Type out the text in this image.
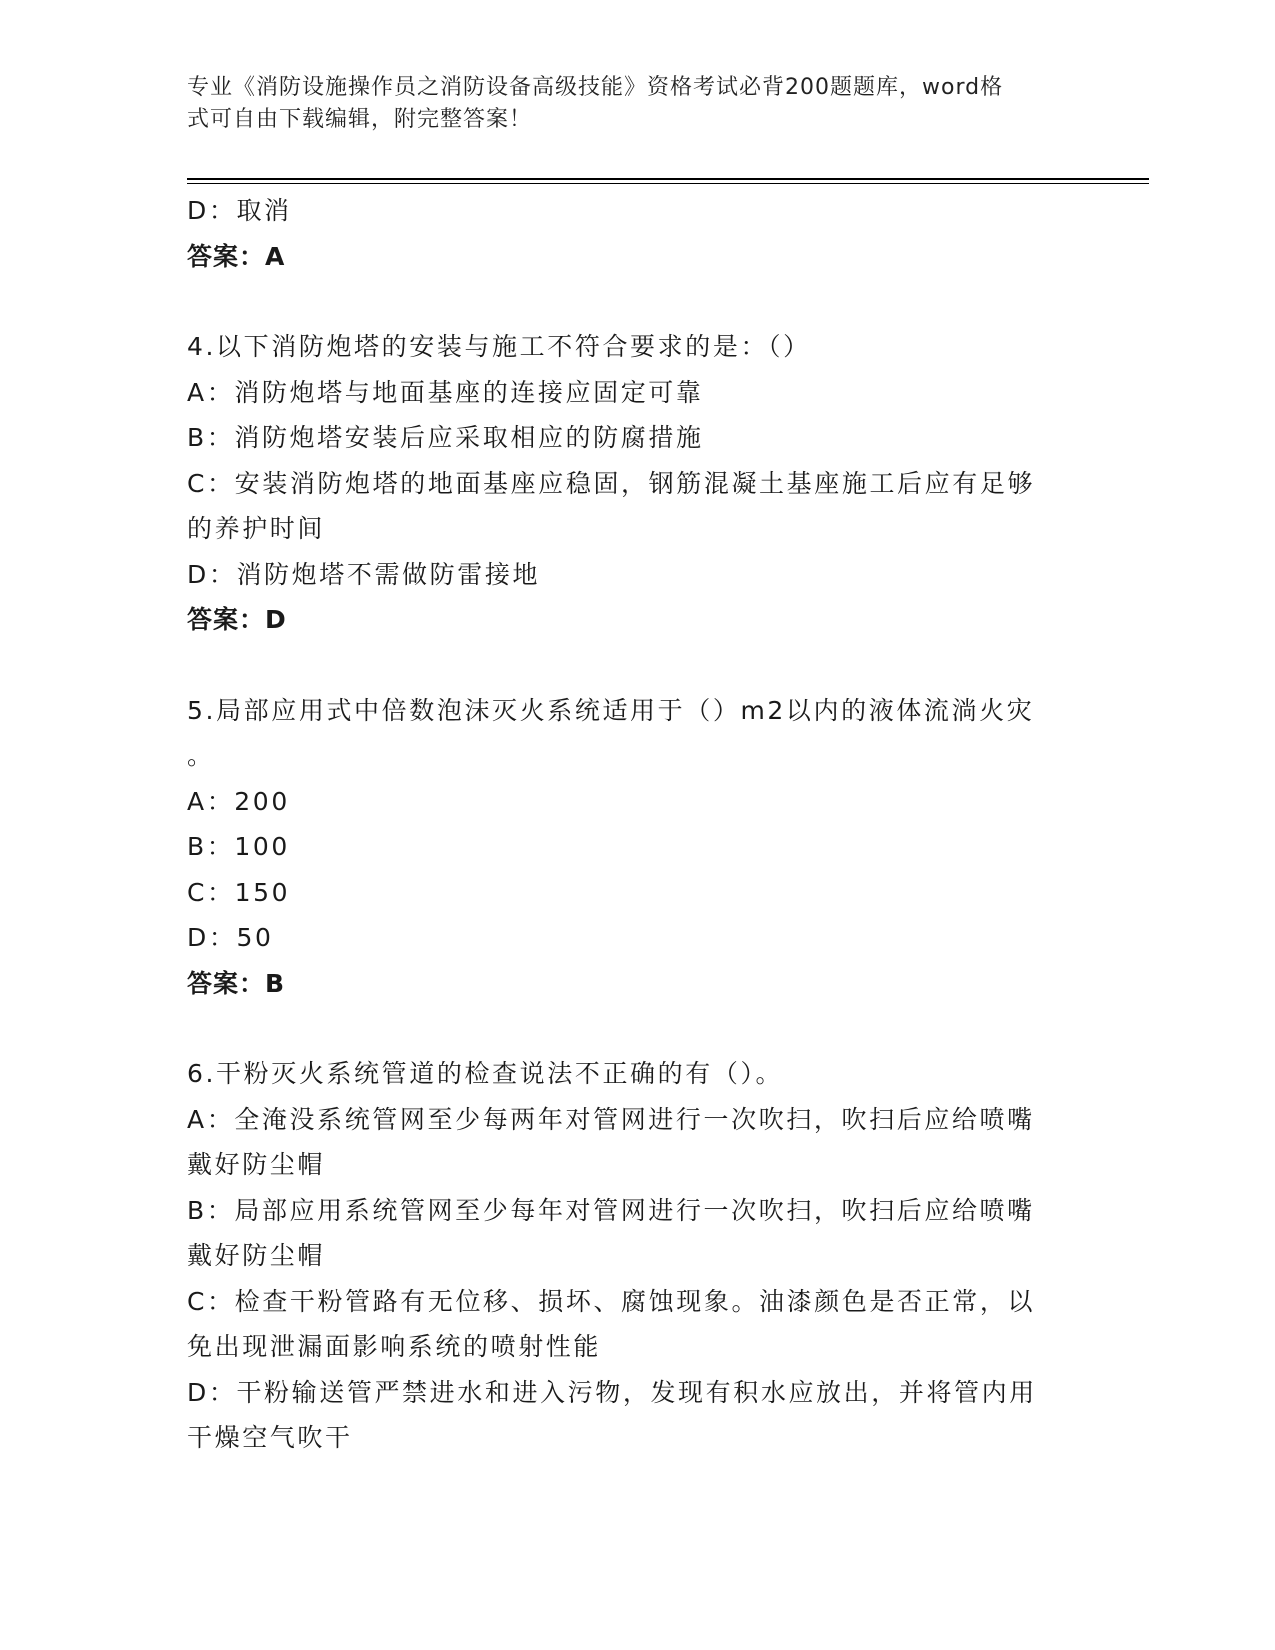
专业《消防设施操作员之消防设备高级技能》资格考试必背200题题库，word格
式可自由下载编辑，附完整答案！
D：取消
答案：A
4.以下消防炮塔的安装与施工不符合要求的是：（）
A：消防炮塔与地面基座的连接应固定可靠
B：消防炮塔安装后应采取相应的防腐措施
C：安装消防炮塔的地面基座应稳固，钢筋混凝土基座施工后应有足够
的养护时间
D：消防炮塔不需做防雷接地
答案：D
5.局部应用式中倍数泡沫灭火系统适用于（）m2以内的液体流淌火灾
。
A：200
B：100
C：150
D：50
答案：B
6.干粉灭火系统管道的检查说法不正确的有（）。
A：全淹没系统管网至少每两年对管网进行一次吹扫，吹扫后应给喷嘴
戴好防尘帽
B：局部应用系统管网至少每年对管网进行一次吹扫，吹扫后应给喷嘴
戴好防尘帽
C：检查干粉管路有无位移、损坏、腐蚀现象。油漆颜色是否正常，以
免出现泄漏面影响系统的喷射性能
D：干粉输送管严禁进水和进入污物，发现有积水应放出，并将管内用
干燥空气吹干
